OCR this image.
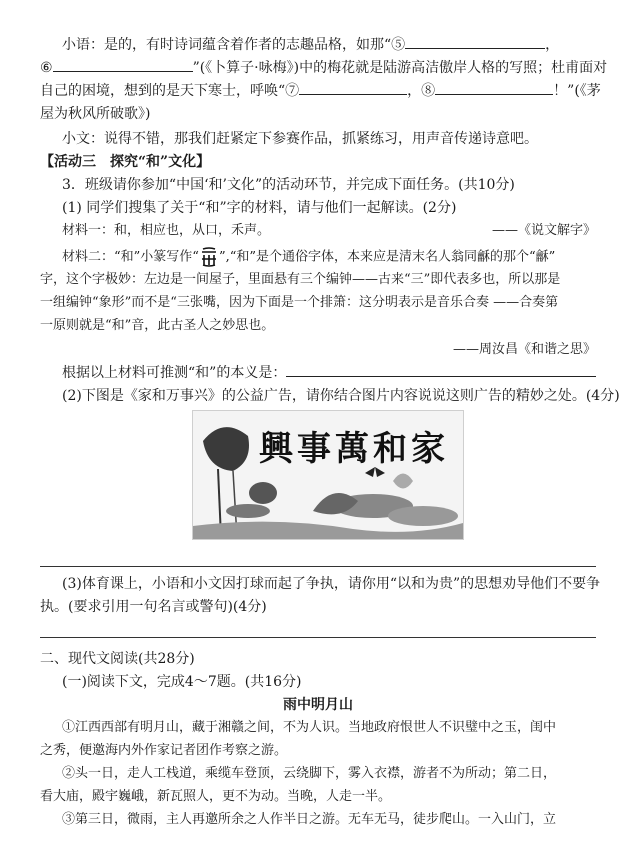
小语：是的，有时诗词蕴含着作者的志趣品格，如那“⑤	，
⑥	”(《卜算子·咏梅》)中的梅花就是陆游高洁傲岸人格的写照；杜甫面对
自己的困境，想到的是天下寒士，呼唤“⑦	，⑧	！”(《茅
屋为秋风所破歌》)
小文：说得不错，那我们赶紧定下参赛作品，抓紧练习，用声音传递诗意吧。
【活动三　探究“和”文化】
3．班级请你参加“中国‘和’文化”的活动环节，并完成下面任务。(共10分)
(1) 同学们搜集了关于“和”字的材料，请与他们一起解读。(2分)
材料一：和，相应也，从口，禾声。	——《说文解字》
材料二：“和”小篆写作“ ”,“和”是个通俗字体，本来应是清末名人翁同龢的那个“龢”
字，这个字极妙：左边是一间屋子，里面悬有三个编钟——古来“三”即代表多也，所以那是
一组编钟“象形”而不是“三张嘴，因为下面是一个排箫：这分明表示是音乐合奏 ——合奏第
一原则就是“和”音，此古圣人之妙思也。
——周汝昌《和谐之思》
根据以上材料可推测“和”的本义是：
(2)下图是《家和万事兴》的公益广告，请你结合图片内容说说这则广告的精妙之处。(4分)
興事萬和家
(3)体育课上，小语和小文因打球而起了争执，请你用“以和为贵”的思想劝导他们不要争
执。(要求引用一句名言或警句)(4分)
二、现代文阅读(共28分)
(一)阅读下文，完成4～7题。(共16分)
雨中明月山
①江西西部有明月山，藏于湘赣之间，不为人识。当地政府恨世人不识璧中之玉，闺中
之秀，便邀海内外作家记者团作考察之游。
②头一日，走人工栈道，乘缆车登顶，云绕脚下，雾入衣襟，游者不为所动；第二日，
看大庙，殿宇巍峨，新瓦照人，更不为动。当晚，人走一半。
③第三日，微雨，主人再邀所余之人作半日之游。无车无马，徒步爬山。一入山门，立
